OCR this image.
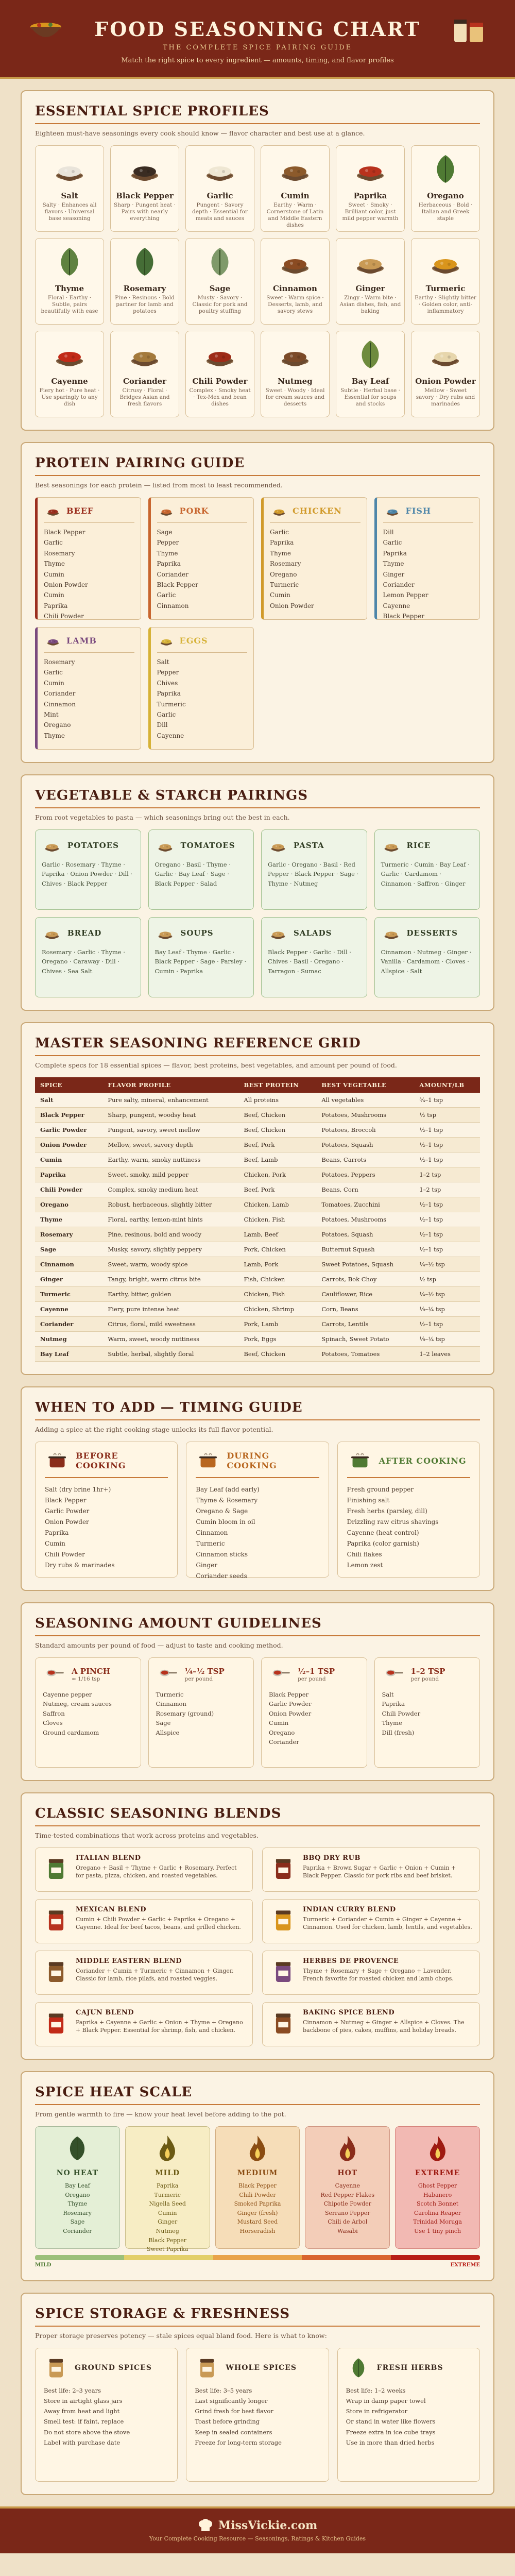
FOOD SEASONING CHART
THE COMPLETE SPICE PAIRING GUIDE
Match the right spice to every ingredient — amounts, timing, and flavor profiles
ESSENTIAL SPICE PROFILES

Eighteen must-have seasonings every cook should know — flavor character and best use at a glance.

Salt
Salty · Enhances all flavors · Universal base seasoning
Black Pepper
Sharp · Pungent heat · Pairs with nearly everything
Garlic
Pungent · Savory depth · Essential for meats and sauces
Cumin
Earthy · Warm · Cornerstone of Latin and Middle Eastern dishes
Paprika
Sweet · Smoky · Brilliant color, just mild pepper warmth
Oregano
Herbaceous · Bold · Italian and Greek staple
Thyme
Floral · Earthy · Subtle, pairs beautifully with ease
Rosemary
Pine · Resinous · Bold partner for lamb and potatoes
Sage
Musty · Savory · Classic for pork and poultry stuffing
Cinnamon
Sweet · Warm spice · Desserts, lamb, and savory stews
Ginger
Zingy · Warm bite · Asian dishes, fish, and baking
Turmeric
Earthy · Slightly bitter · Golden color, anti-inflammatory
Cayenne
Fiery hot · Pure heat · Use sparingly to any dish
Coriander
Citrusy · Floral · Bridges Asian and fresh flavors
Chili Powder
Complex · Smoky heat · Tex-Mex and bean dishes
Nutmeg
Sweet · Woody · Ideal for cream sauces and desserts
Bay Leaf
Subtle · Herbal base · Essential for soups and stocks
Onion Powder
Mellow · Sweet savory · Dry rubs and marinades
PROTEIN PAIRING GUIDE

Best seasonings for each protein — listed from most to least recommended.

BEEF
Black Pepper
Garlic
Rosemary
Thyme
Cumin
Onion Powder
Cumin
Paprika
Chili Powder
PORK
Sage
Pepper
Thyme
Paprika
Coriander
Black Pepper
Garlic
Cinnamon
CHICKEN
Garlic
Paprika
Thyme
Rosemary
Oregano
Turmeric
Cumin
Onion Powder
FISH
Dill
Garlic
Paprika
Thyme
Ginger
Coriander
Lemon Pepper
Cayenne
Black Pepper
LAMB
Rosemary
Garlic
Cumin
Coriander
Cinnamon
Mint
Oregano
Thyme
EGGS
Salt
Pepper
Chives
Paprika
Turmeric
Garlic
Dill
Cayenne
VEGETABLE & STARCH PAIRINGS

From root vegetables to pasta — which seasonings bring out the best in each.

POTATOES
Garlic · Rosemary · Thyme · Paprika · Onion Powder · Dill · Chives · Black Pepper
TOMATOES
Oregano · Basil · Thyme · Garlic · Bay Leaf · Sage · Black Pepper · Salad
PASTA
Garlic · Oregano · Basil · Red Pepper · Black Pepper · Sage · Thyme · Nutmeg
RICE
Turmeric · Cumin · Bay Leaf · Garlic · Cardamom · Cinnamon · Saffron · Ginger
BREAD
Rosemary · Garlic · Thyme · Oregano · Caraway · Dill · Chives · Sea Salt
SOUPS
Bay Leaf · Thyme · Garlic · Black Pepper · Sage · Parsley · Cumin · Paprika
SALADS
Black Pepper · Garlic · Dill · Chives · Basil · Oregano · Tarragon · Sumac
DESSERTS
Cinnamon · Nutmeg · Ginger · Vanilla · Cardamom · Cloves · Allspice · Salt
MASTER SEASONING REFERENCE GRID

Complete specs for 18 essential spices — flavor, best proteins, best vegetables, and amount per pound of food.

SPICE	FLAVOR PROFILE	BEST PROTEIN	BEST VEGETABLE	AMOUNT/LB
Salt	Pure salty, mineral, enhancement	All proteins	All vegetables	¾–1 tsp
Black Pepper	Sharp, pungent, woodsy heat	Beef, Chicken	Potatoes, Mushrooms	½ tsp
Garlic Powder	Pungent, savory, sweet mellow	Beef, Chicken	Potatoes, Broccoli	½–1 tsp
Onion Powder	Mellow, sweet, savory depth	Beef, Pork	Potatoes, Squash	½–1 tsp
Cumin	Earthy, warm, smoky nuttiness	Beef, Lamb	Beans, Carrots	½–1 tsp
Paprika	Sweet, smoky, mild pepper	Chicken, Pork	Potatoes, Peppers	1–2 tsp
Chili Powder	Complex, smoky medium heat	Beef, Pork	Beans, Corn	1–2 tsp
Oregano	Robust, herbaceous, slightly bitter	Chicken, Lamb	Tomatoes, Zucchini	½–1 tsp
Thyme	Floral, earthy, lemon-mint hints	Chicken, Fish	Potatoes, Mushrooms	½–1 tsp
Rosemary	Pine, resinous, bold and woody	Lamb, Beef	Potatoes, Squash	½–1 tsp
Sage	Musky, savory, slightly peppery	Pork, Chicken	Butternut Squash	½–1 tsp
Cinnamon	Sweet, warm, woody spice	Lamb, Pork	Sweet Potatoes, Squash	¼–½ tsp
Ginger	Tangy, bright, warm citrus bite	Fish, Chicken	Carrots, Bok Choy	½ tsp
Turmeric	Earthy, bitter, golden	Chicken, Fish	Cauliflower, Rice	¼–½ tsp
Cayenne	Fiery, pure intense heat	Chicken, Shrimp	Corn, Beans	⅛–¼ tsp
Coriander	Citrus, floral, mild sweetness	Pork, Lamb	Carrots, Lentils	½–1 tsp
Nutmeg	Warm, sweet, woody nuttiness	Pork, Eggs	Spinach, Sweet Potato	⅛–¼ tsp
Bay Leaf	Subtle, herbal, slightly floral	Beef, Chicken	Potatoes, Tomatoes	1–2 leaves
WHEN TO ADD — TIMING GUIDE

Adding a spice at the right cooking stage unlocks its full flavor potential.

BEFORE COOKING
Salt (dry brine 1hr+)
Black Pepper
Garlic Powder
Onion Powder
Paprika
Cumin
Chili Powder
Dry rubs & marinades
DURING COOKING
Bay Leaf (add early)
Thyme & Rosemary
Oregano & Sage
Cumin bloom in oil
Cinnamon
Turmeric
Cinnamon sticks
Ginger
Coriander seeds
AFTER COOKING
Fresh ground pepper
Finishing salt
Fresh herbs (parsley, dill)
Drizzling raw citrus shavings
Cayenne (heat control)
Paprika (color garnish)
Chili flakes
Lemon zest
SEASONING AMOUNT GUIDELINES

Standard amounts per pound of food — adjust to taste and cooking method.

A PINCH
≈ 1/16 tsp
Cayenne pepper
Nutmeg, cream sauces
Saffron
Cloves
Ground cardamom
¼–½ TSP
per pound
Turmeric
Cinnamon
Rosemary (ground)
Sage
Allspice
½–1 TSP
per pound
Black Pepper
Garlic Powder
Onion Powder
Cumin
Oregano
Coriander
1–2 TSP
per pound
Salt
Paprika
Chili Powder
Thyme
Dill (fresh)
CLASSIC SEASONING BLENDS

Time-tested combinations that work across proteins and vegetables.

ITALIAN BLEND
Oregano + Basil + Thyme + Garlic + Rosemary. Perfect for pasta, pizza, chicken, and roasted vegetables.
BBQ DRY RUB
Paprika + Brown Sugar + Garlic + Onion + Cumin + Black Pepper. Classic for pork ribs and beef brisket.
MEXICAN BLEND
Cumin + Chili Powder + Garlic + Paprika + Oregano + Cayenne. Ideal for beef tacos, beans, and grilled chicken.
INDIAN CURRY BLEND
Turmeric + Coriander + Cumin + Ginger + Cayenne + Cinnamon. Used for chicken, lamb, lentils, and vegetables.
MIDDLE EASTERN BLEND
Coriander + Cumin + Turmeric + Cinnamon + Ginger. Classic for lamb, rice pilafs, and roasted veggies.
HERBES DE PROVENCE
Thyme + Rosemary + Sage + Oregano + Lavender. French favorite for roasted chicken and lamb chops.
CAJUN BLEND
Paprika + Cayenne + Garlic + Onion + Thyme + Oregano + Black Pepper. Essential for shrimp, fish, and chicken.
BAKING SPICE BLEND
Cinnamon + Nutmeg + Ginger + Allspice + Cloves. The backbone of pies, cakes, muffins, and holiday breads.
SPICE HEAT SCALE

From gentle warmth to fire — know your heat level before adding to the pot.

NO HEAT
Bay Leaf
Oregano
Thyme
Rosemary
Sage
Coriander
MILD
Paprika
Turmeric
Nigella Seed
Cumin
Ginger
Nutmeg
Black Pepper
Sweet Paprika
MEDIUM
Black Pepper
Chili Powder
Smoked Paprika
Ginger (fresh)
Mustard Seed
Horseradish
HOT
Cayenne
Red Pepper Flakes
Chipotle Powder
Serrano Pepper
Chili de Arbol
Wasabi
EXTREME
Ghost Pepper
Habanero
Scotch Bonnet
Carolina Reaper
Trinidad Moruga
Use 1 tiny pinch
MILD	EXTREME
SPICE STORAGE & FRESHNESS

Proper storage preserves potency — stale spices equal bland food. Here is what to know:

GROUND SPICES
Best life: 2–3 years
Store in airtight glass jars
Away from heat and light
Smell test: if faint, replace
Do not store above the stove
Label with purchase date
WHOLE SPICES
Best life: 3–5 years
Last significantly longer
Grind fresh for best flavor
Toast before grinding
Keep in sealed containers
Freeze for long-term storage
FRESH HERBS
Best life: 1–2 weeks
Wrap in damp paper towel
Store in refrigerator
Or stand in water like flowers
Freeze extra in ice cube trays
Use in more than dried herbs
MissVickie.com
Your Complete Cooking Resource — Seasonings, Ratings & Kitchen Guides
